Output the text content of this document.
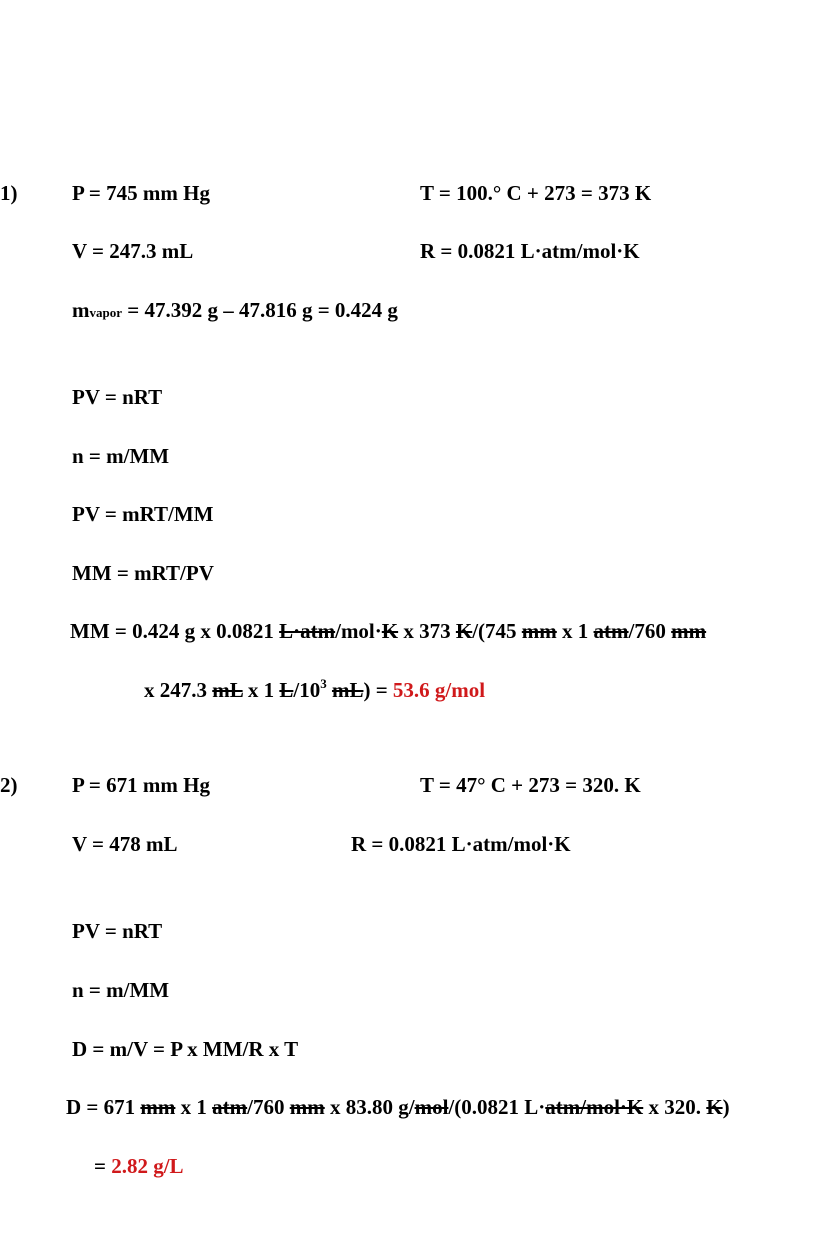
1)	P = 745 mm Hg	T = 100.° C + 273 = 373 K
V = 247.3 mL	R = 0.0821 L·atm/mol·K
mvapor = 47.392 g – 47.816 g = 0.424 g
PV = nRT
n = m/MM
PV = mRT/MM
MM = mRT/PV
MM = 0.424 g x 0.0821 L·atm/mol·K x 373 K/(745 mm x 1 atm/760 mm
x 247.3 mL x 1 $L/10^3$ mL) = 53.6 g/mol
2)	P = 671 mm Hg	T = 47° C + 273 = 320. K
V = 478 mL	R = 0.0821 L·atm/mol·K
PV = nRT
n = m/MM
D = m/V = P x MM/R x T
D = 671 mm x 1 atm/760 mm x 83.80 g/mol/(0.0821 L·atm/mol·K x 320. K)
= 2.82 g/L
